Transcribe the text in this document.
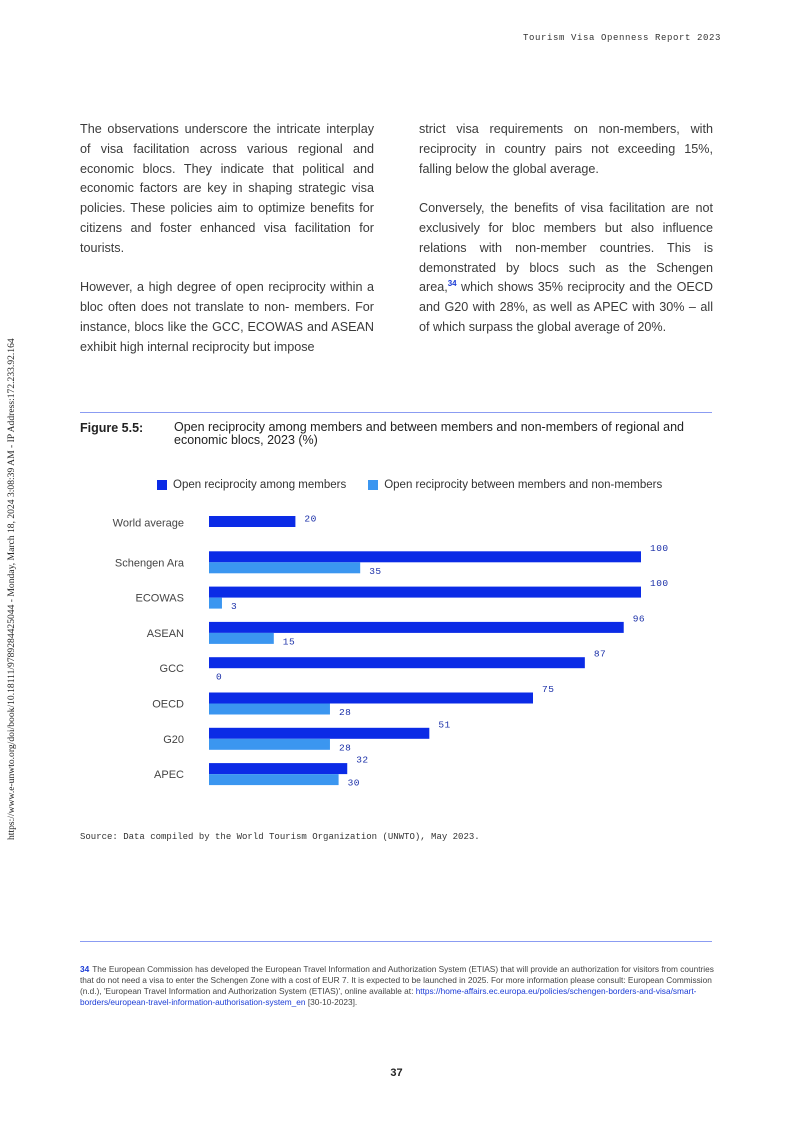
Tourism Visa Openness Report 2023
https://www.e-unwto.org/doi/book/10.18111/9789284425044 - Monday, March 18, 2024 3:08:39 AM - IP Address:172.233.92.164

The observations underscore the intricate interplay of visa facilitation across various regional and economic blocs. They indicate that political and economic factors are key in shaping strategic visa policies. These policies aim to optimize benefits for citizens and foster enhanced visa facilitation for tourists.

However, a high degree of open reciprocity within a bloc often does not translate to non- members. For instance, blocs like the GCC, ECOWAS and ASEAN exhibit high internal reciprocity but impose

strict visa requirements on non-members, with reciprocity in country pairs not exceeding 15%, falling below the global average.

Conversely, the benefits of visa facilitation are not exclusively for bloc members but also influence relations with non-member countries. This is demonstrated by blocs such as the Schengen area,$^{34}$ which shows 35% reciprocity and the OECD and G20 with 28%, as well as APEC with 30% – all of which surpass the global average of 20%.

Figure 5.5: Open reciprocity among members and between members and non-members of regional and economic blocs, 2023 (%)
Open reciprocity among members	Open reciprocity between members and non-members
World average	20
Schengen Ara
100
35
ECOWAS
100
3
ASEAN
96
15
GCC
87
0
OECD
75
28
G20
51
28
APEC
32
30
Source: Data compiled by the World Tourism Organization (UNWTO), May 2023.
34 The European Commission has developed the European Travel Information and Authorization System (ETIAS) that will provide an authorization for visitors from countries that do not need a visa to enter the Schengen Zone with a cost of EUR 7. It is expected to be launched in 2025. For more information please consult: European Commission (n.d.), 'European Travel Information and Authorization System (ETIAS)', online available at: https://home-affairs.ec.europa.eu/policies/schengen-borders-and-visa/smart-borders/european-travel-information-authorisation-system_en [30-10-2023].
37
